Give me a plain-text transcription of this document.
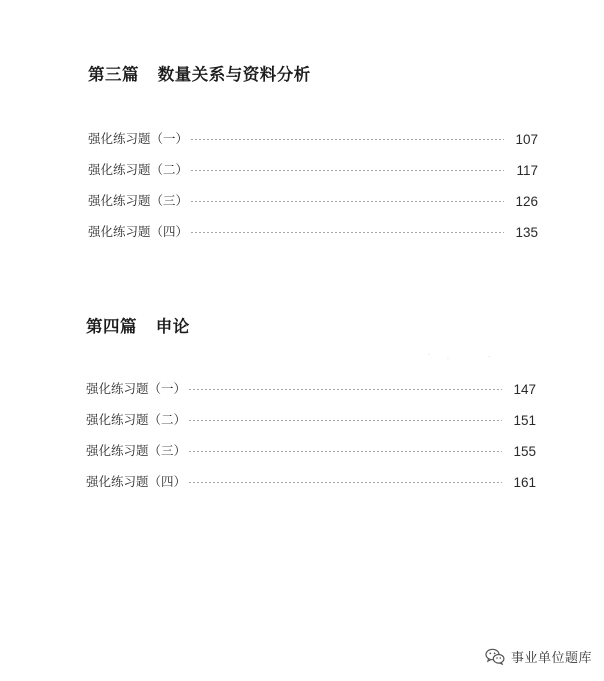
第三篇   数量关系与资料分析
强化练习题（一）	107
强化练习题（二）	117
强化练习题（三）	126
强化练习题（四）	135
·
·	·
第四篇   申论
强化练习题（一）	147
强化练习题（二）	151
强化练习题（三）	155
强化练习题（四）	161
事业单位题库
